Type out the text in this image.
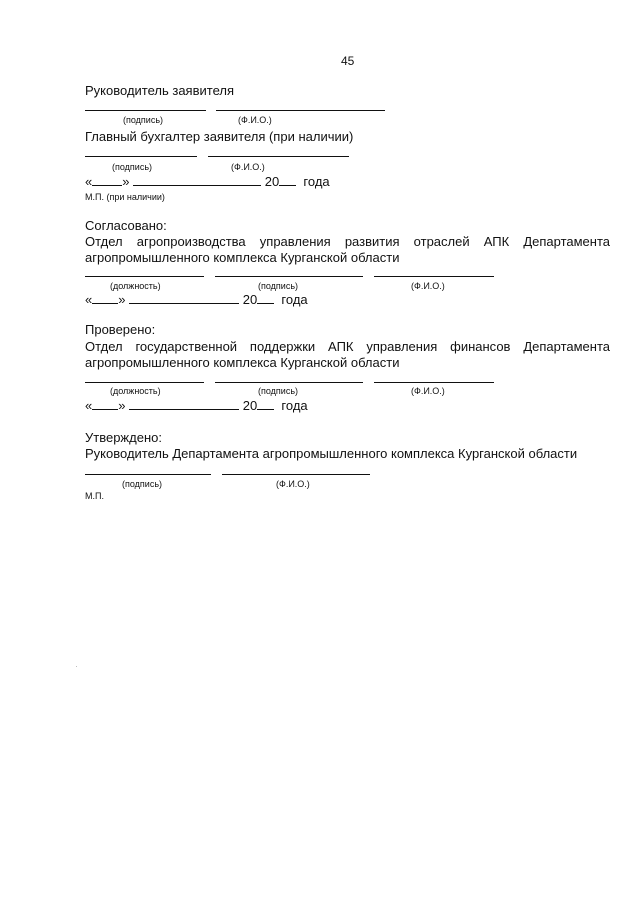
45
Руководитель заявителя
(подпись)	(Ф.И.О.)
Главный бухгалтер заявителя (при наличии)
(подпись)	(Ф.И.О.)
« »	20 года
М.П. (при наличии)
Согласовано:
Отдел агропроизводства управления развития отраслей АПК Департамента агропромышленного комплекса Курганской области
(должность)	(подпись)	(Ф.И.О.)
« »	20 года
Проверено:
Отдел государственной поддержки АПК управления финансов Департамента агропромышленного комплекса Курганской области
(должность)	(подпись)	(Ф.И.О.)
« »	20 года
Утверждено:
Руководитель Департамента агропромышленного комплекса Курганской области
(подпись)	(Ф.И.О.)
М.П.
